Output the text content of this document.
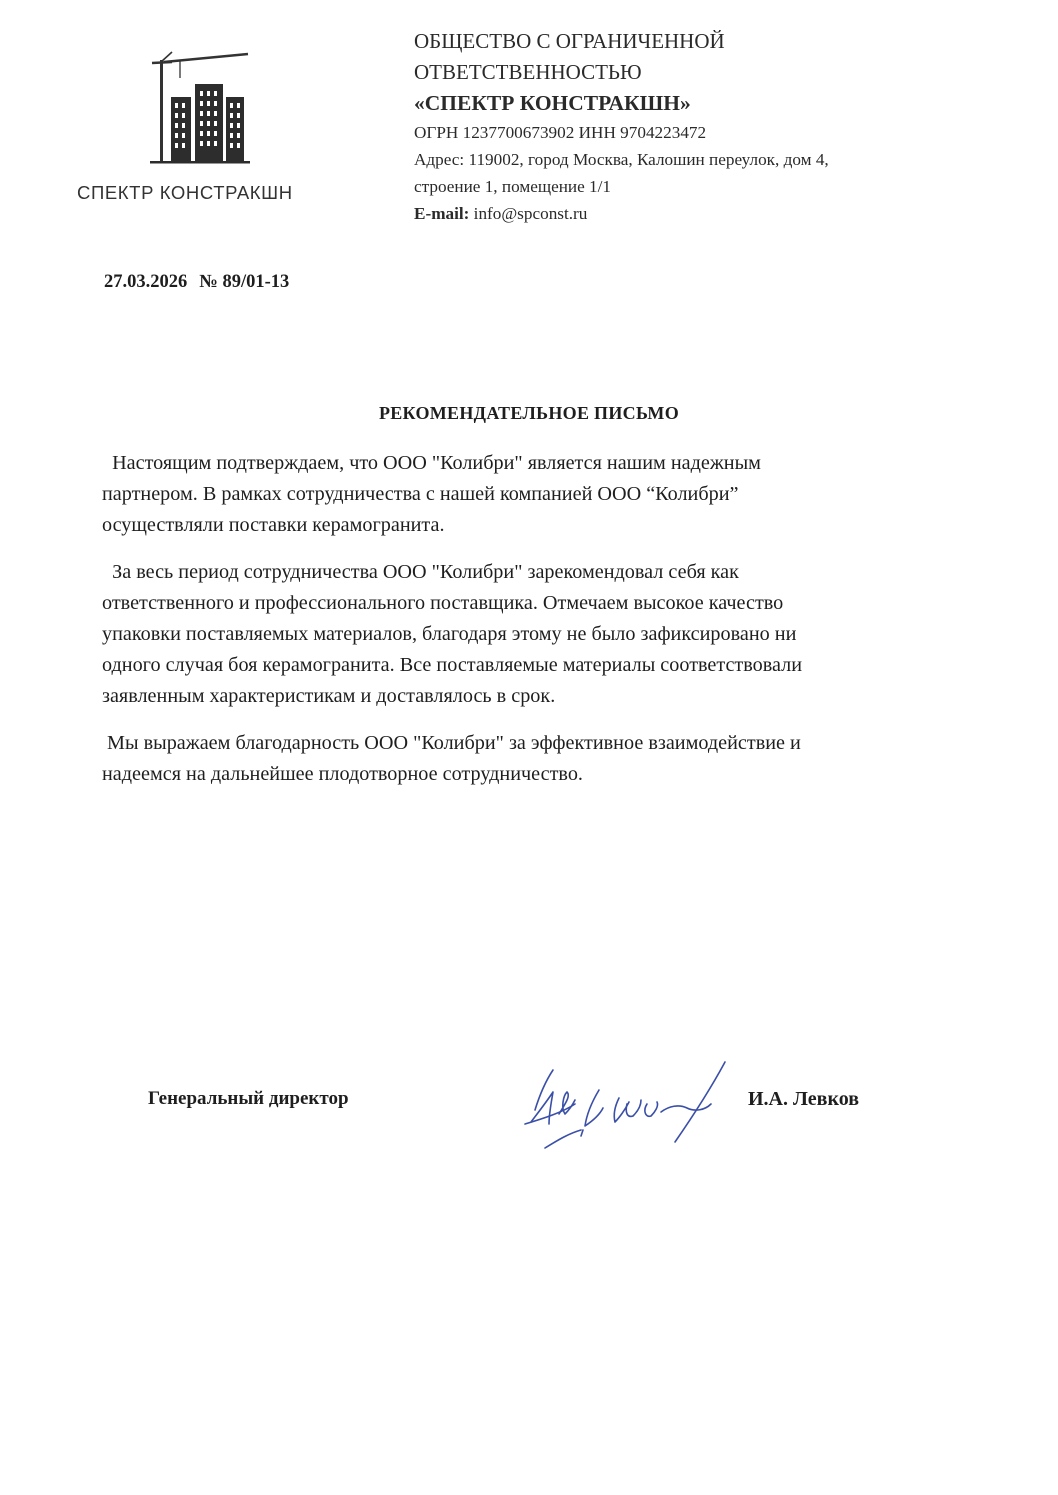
СПЕКТР КОНСТРАКШН
ОБЩЕСТВО С ОГРАНИЧЕННОЙ
ОТВЕТСТВЕННОСТЬЮ
«СПЕКТР КОНСТРАКШН»
ОГРН 1237700673902 ИНН 9704223472
Адрес: 119002, город Москва, Калошин переулок, дом 4,
строение 1, помещение 1/1
E-mail: info@spconst.ru
27.03.2026 № 89/01-13
РЕКОМЕНДАТЕЛЬНОЕ ПИСЬМО

Настоящим подтверждаем, что ООО "Колибри" является нашим надежным
партнером. В рамках сотрудничества с нашей компанией ООО “Колибри”
осуществляли поставки керамогранита.

За весь период сотрудничества ООО "Колибри" зарекомендовал себя как
ответственного и профессионального поставщика. Отмечаем высокое качество
упаковки поставляемых материалов, благодаря этому не было зафиксировано ни
одного случая боя керамогранита. Все поставляемые материалы соответствовали
заявленным характеристикам и доставлялось в срок.

Мы выражаем благодарность ООО "Колибри" за эффективное взаимодействие и
надеемся на дальнейшее плодотворное сотрудничество.

Генеральный директор	И.А. Левков
